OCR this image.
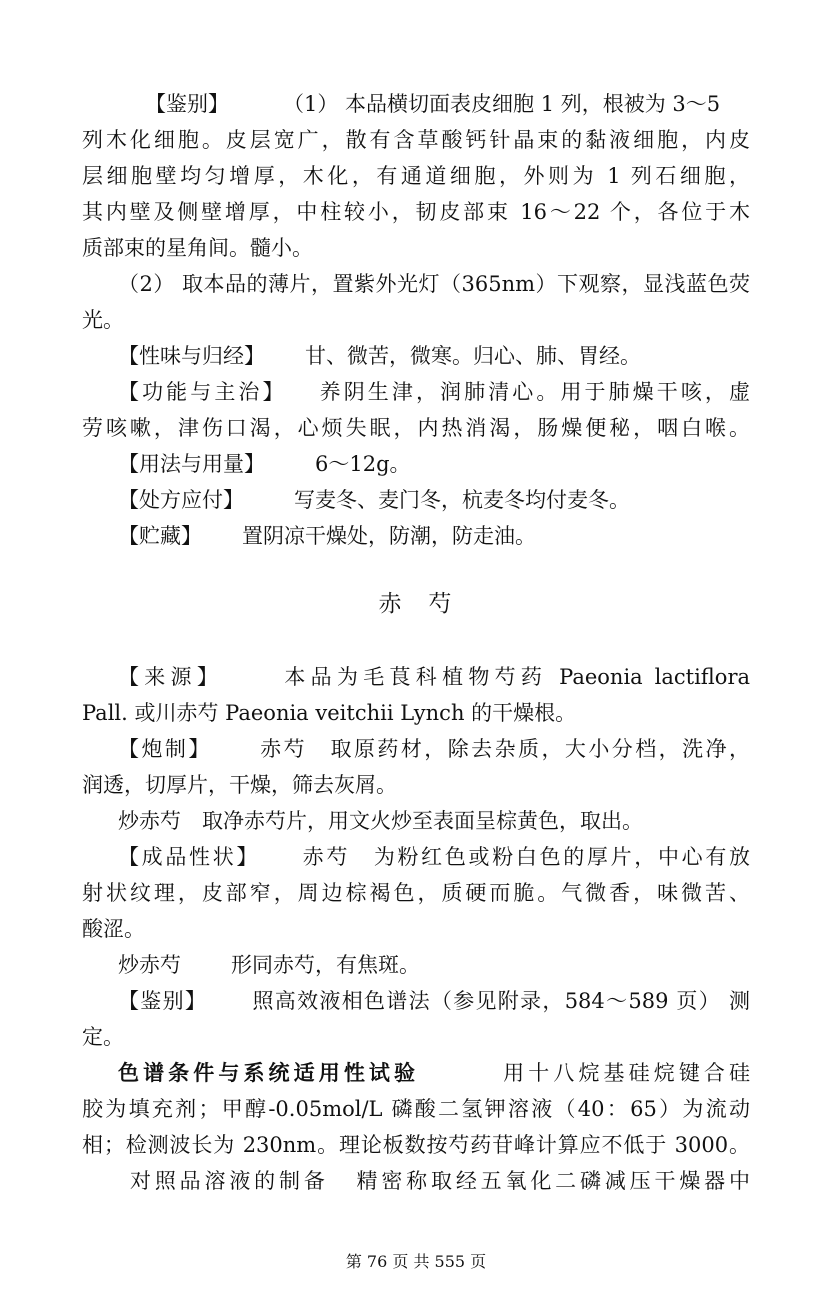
【鉴别】	（1） 本品横切面表皮细胞 1 列，根被为 3～5
列木化细胞。皮层宽广，散有含草酸钙针晶束的黏液细胞，内皮
层细胞壁均匀增厚，木化，有通道细胞，外则为 1 列石细胞，
其内壁及侧壁增厚，中柱较小，韧皮部束 16～22 个，各位于木
质部束的星角间。髓小。
（2） 取本品的薄片，置紫外光灯（365nm）下观察，显浅蓝色荧
光。
【性味与归经】 甘、微苦，微寒。归心、肺、胃经。
【功能与主治】 养阴生津，润肺清心。用于肺燥干咳，虚
劳咳嗽，津伤口渴，心烦失眠，内热消渴，肠燥便秘，咽白喉。
【用法与用量】 6～12g。
【处方应付】 写麦冬、麦门冬，杭麦冬均付麦冬。
【贮藏】 置阴凉干燥处，防潮，防走油。
赤　芍
【来源】	本品为毛茛科植物芍药 Paeonia lactiflora
Pall. 或川赤芍 Paeonia veitchii Lynch 的干燥根。
【炮制】 赤芍　取原药材，除去杂质，大小分档，洗净，
润透，切厚片，干燥，筛去灰屑。
炒赤芍　取净赤芍片，用文火炒至表面呈棕黄色，取出。
【成品性状】 赤芍　为粉红色或粉白色的厚片，中心有放
射状纹理，皮部窄，周边棕褐色，质硬而脆。气微香，味微苦、
酸涩。
炒赤芍 形同赤芍，有焦斑。
【鉴别】 照高效液相色谱法（参见附录，584～589 页） 测
定。
色谱条件与系统适用性试验	用十八烷基硅烷键合硅
胶为填充剂；甲醇-0.05mol/L 磷酸二氢钾溶液（40：65）为流动
相；检测波长为 230nm。理论板数按芍药苷峰计算应不低于 3000。
对照品溶液的制备 精密称取经五氧化二磷减压干燥器中
第 76 页 共 555 页
